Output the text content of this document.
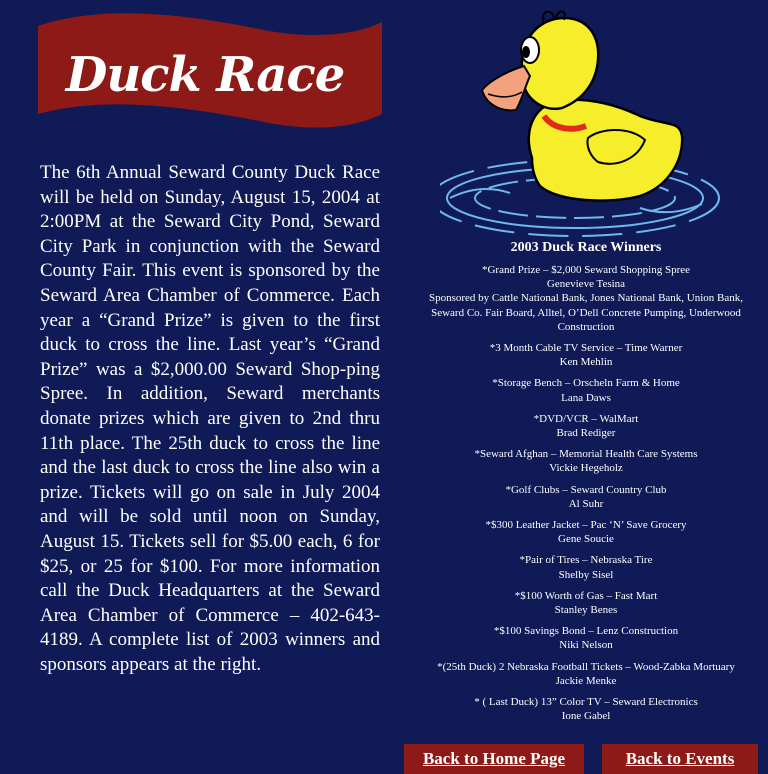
Duck Race
The 6th Annual Seward County Duck Race will be held on Sunday, August 15, 2004 at 2:00PM at the Seward City Pond, Seward City Park in conjunction with the Seward County Fair. This event is sponsored by the Seward Area Chamber of Commerce. Each year a “Grand Prize” is given to the first duck to cross the line. Last year’s “Grand Prize” was a $2,000.00 Seward Shop-ping Spree. In addition, Seward merchants donate prizes which are given to 2nd thru 11th place. The 25th duck to cross the line and the last duck to cross the line also win a prize. Tickets will go on sale in July 2004 and will be sold until noon on Sunday, August 15. Tickets sell for $5.00 each, 6 for $25, or 25 for $100. For more information call the Duck Headquarters at the Seward Area Chamber of Commerce – 402-643-4189. A complete list of 2003 winners and sponsors appears at the right.
2003 Duck Race Winners
*Grand Prize – $2,000 Seward Shopping Spree
Genevieve Tesina
Sponsored by Cattle National Bank, Jones National Bank, Union Bank, Seward Co. Fair Board, Alltel, O’Dell Concrete Pumping, Underwood Construction
*3 Month Cable TV Service – Time Warner
Ken Mehlin
*Storage Bench – Orscheln Farm & Home
Lana Daws
*DVD/VCR – WalMart
Brad Rediger
*Seward Afghan – Memorial Health Care Systems
Vickie Hegeholz
*Golf Clubs – Seward Country Club
Al Suhr
*$300 Leather Jacket – Pac ‘N’ Save Grocery
Gene Soucie
*Pair of Tires – Nebraska Tire
Shelby Sisel
*$100 Worth of Gas – Fast Mart
Stanley Benes
*$100 Savings Bond – Lenz Construction
Niki Nelson
*(25th Duck) 2 Nebraska Football Tickets – Wood-Zabka Mortuary
Jackie Menke
* ( Last Duck) 13” Color TV – Seward Electronics
Ione Gabel
Back to Home Page	Back to Events
